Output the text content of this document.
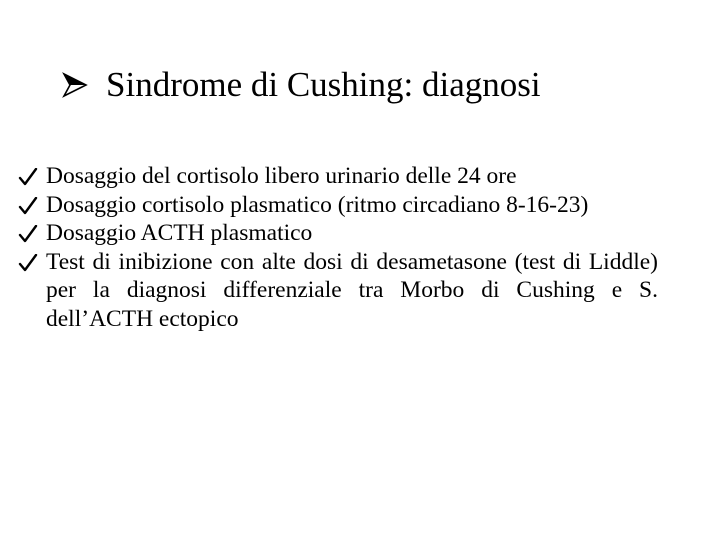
Sindrome di Cushing: diagnosi
Dosaggio del cortisolo libero urinario delle 24 ore
Dosaggio cortisolo plasmatico (ritmo circadiano 8-16-23)
Dosaggio ACTH plasmatico
Test di inibizione con alte dosi di desametasone (test di Liddle) per la diagnosi differenziale tra Morbo di Cushing e S. dell’ACTH ectopico
